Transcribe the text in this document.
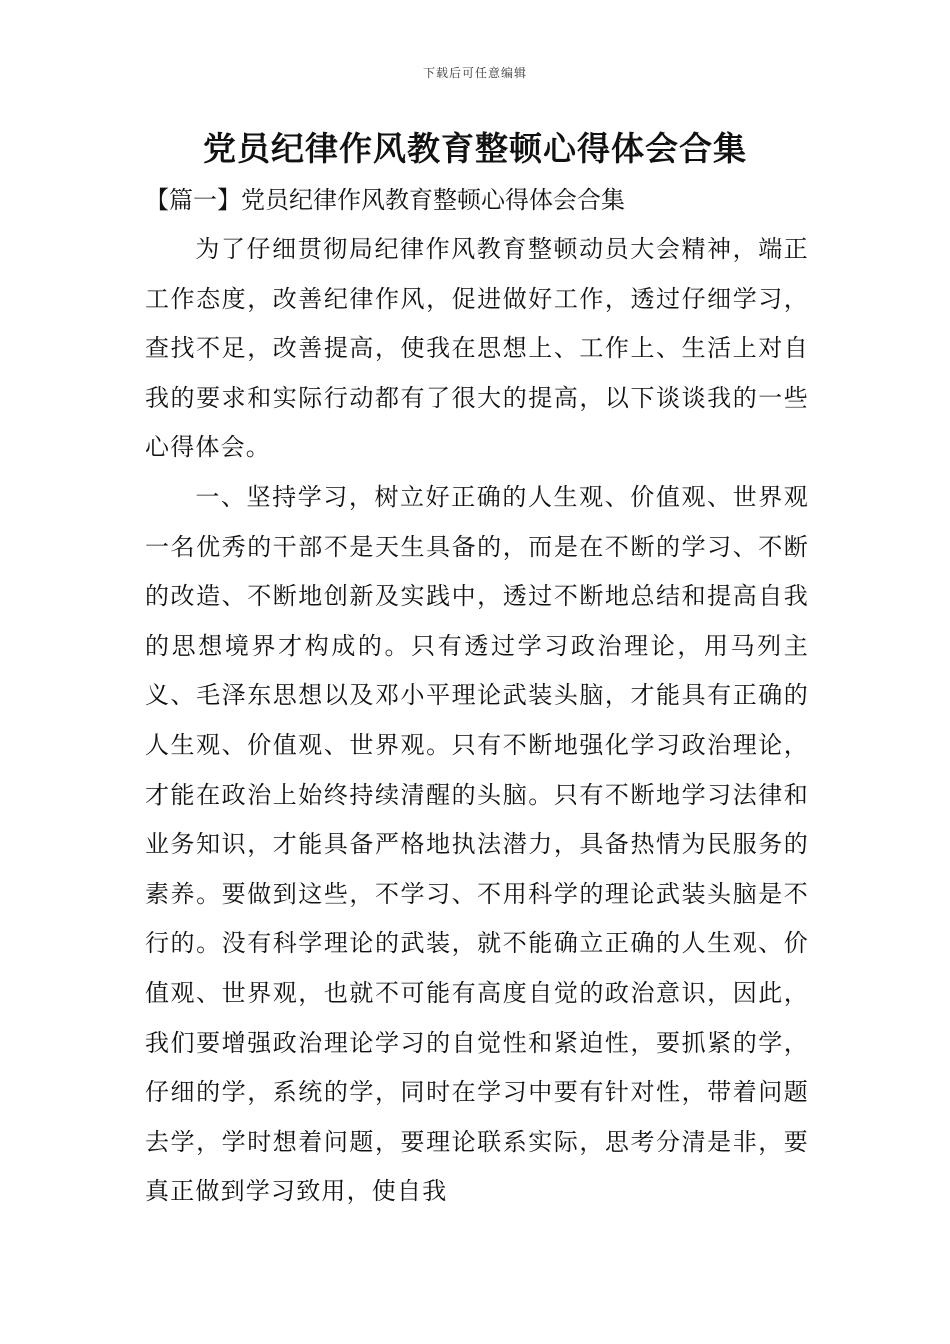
下载后可任意编辑
党员纪律作风教育整顿心得体会合集
【篇一】党员纪律作风教育整顿心得体会合集

为了仔细贯彻局纪律作风教育整顿动员大会精神，端正工作态度，改善纪律作风，促进做好工作，透过仔细学习，查找不足，改善提高，使我在思想上、工作上、生活上对自我的要求和实际行动都有了很大的提高，以下谈谈我的一些心得体会。

一、坚持学习，树立好正确的人生观、价值观、世界观一名优秀的干部不是天生具备的，而是在不断的学习、不断的改造、不断地创新及实践中，透过不断地总结和提高自我的思想境界才构成的。只有透过学习政治理论，用马列主义、毛泽东思想以及邓小平理论武装头脑，才能具有正确的人生观、价值观、世界观。只有不断地强化学习政治理论，才能在政治上始终持续清醒的头脑。只有不断地学习法律和业务知识，才能具备严格地执法潜力，具备热情为民服务的素养。要做到这些，不学习、不用科学的理论武装头脑是不行的。没有科学理论的武装，就不能确立正确的人生观、价值观、世界观，也就不可能有高度自觉的政治意识，因此，我们要增强政治理论学习的自觉性和紧迫性，要抓紧的学，仔细的学，系统的学，同时在学习中要有针对性，带着问题去学，学时想着问题，要理论联系实际，思考分清是非，要真正做到学习致用，使自我
